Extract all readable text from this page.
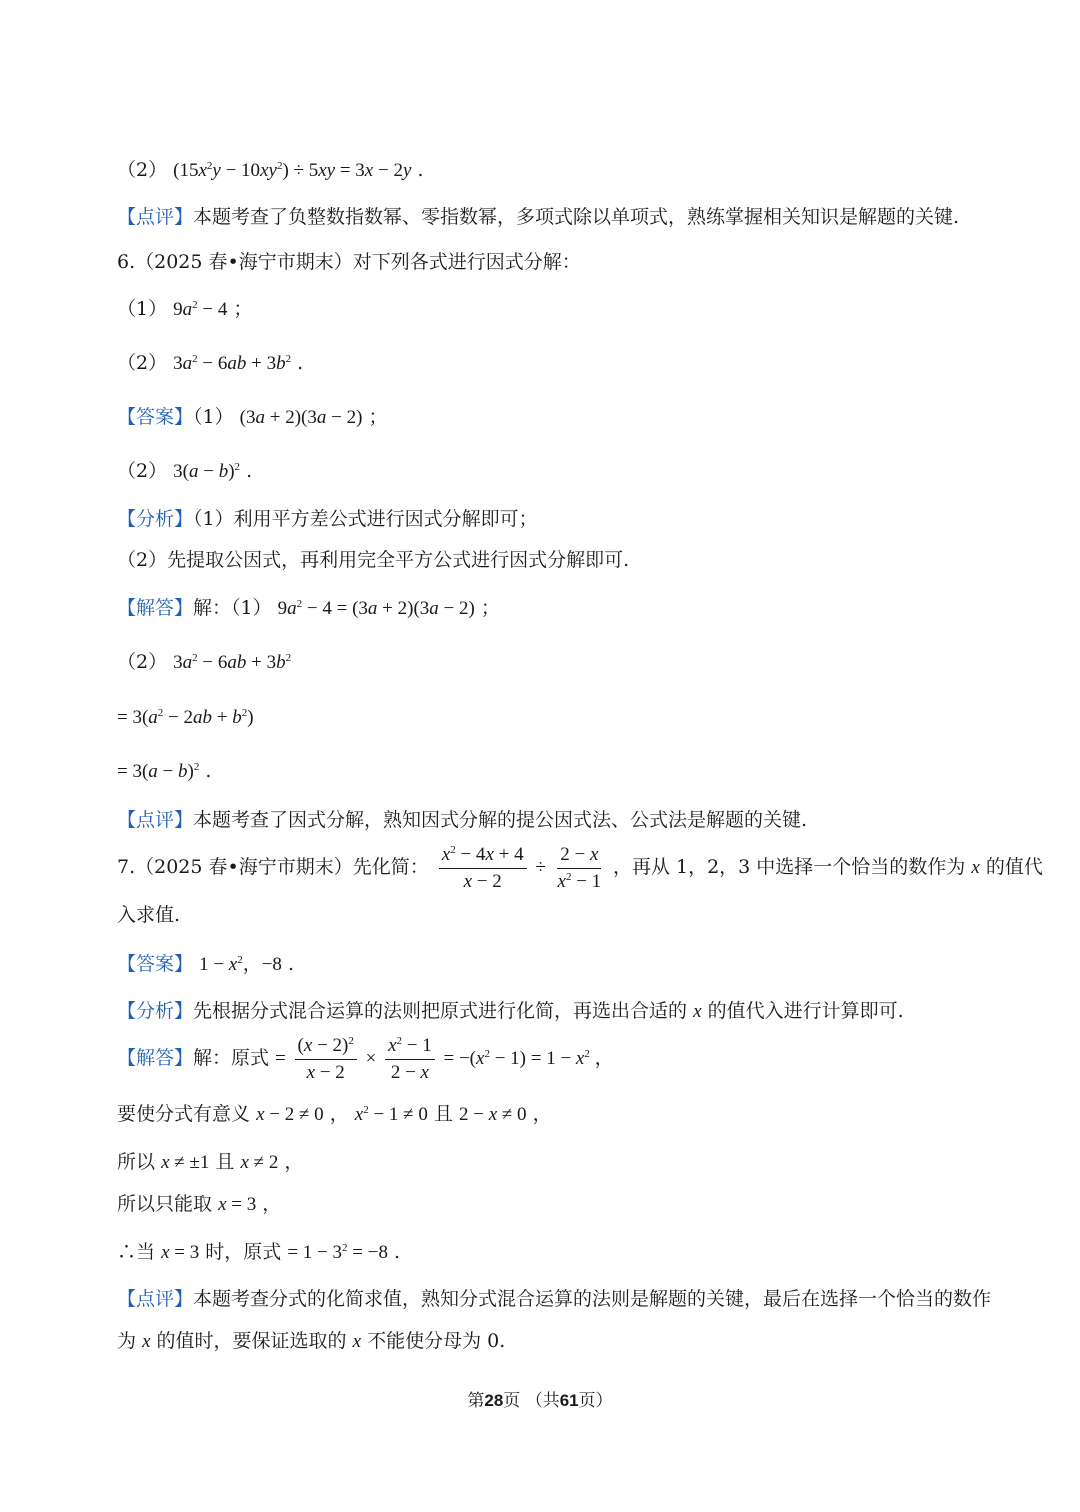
（2） $(15x^2y - 10xy^2) \div 5xy = 3x - 2y$ .
【点评】本题考查了负整数指数幂、零指数幂，多项式除以单项式，熟练掌握相关知识是解题的关键.
6.（2025 春•海宁市期末）对下列各式进行因式分解：
（1） $9a^2 - 4$ ；
（2） $3a^2 - 6ab + 3b^2$ .
【答案】（1） (3a + 2)(3a − 2) ；
（2） $3(a - b)^2$ .
【分析】（1）利用平方差公式进行因式分解即可；
（2）先提取公因式，再利用完全平方公式进行因式分解即可.
【解答】解：（1） $9a^2 - 4 = (3a + 2)(3a - 2)$ ；
（2） $3a^2 - 6ab + 3b^2$
= $3(a^2 - 2ab + b^2)$
= $3(a - b)^2$ .
【点评】本题考查了因式分解，熟知因式分解的提公因式法、公式法是解题的关键.
7.（2025 春•海宁市期末）先化简： $\frac{x^2 - 4x + 4}{x - 2} \div \frac{2 - x}{x^2 - 1}$ ，再从 1，2，3 中选择一个恰当的数作为 x 的值代
入求值.
【答案】 $1 - x^2$，−8 .
【分析】先根据分式混合运算的法则把原式进行化简，再选出合适的 x 的值代入进行计算即可.
【解答】解：原式 = $\frac{(x - 2)^2}{x - 2} \times \frac{x^2 - 1}{2 - x} = -(x^2 - 1) = 1 - x^2$ ，
要使分式有意义 x − 2 ≠ 0 ， $x^2 - 1 \ne 0$ 且 2 − x ≠ 0 ，
所以 x ≠ ±1 且 x ≠ 2 ，
所以只能取 x = 3 ，
∴当 x = 3 时，原式 = $1 - 3^2 = -8$ .
【点评】本题考查分式的化简求值，熟知分式混合运算的法则是解题的关键，最后在选择一个恰当的数作
为 x 的值时，要保证选取的 x 不能使分母为 0.
第28页 （共61页）
